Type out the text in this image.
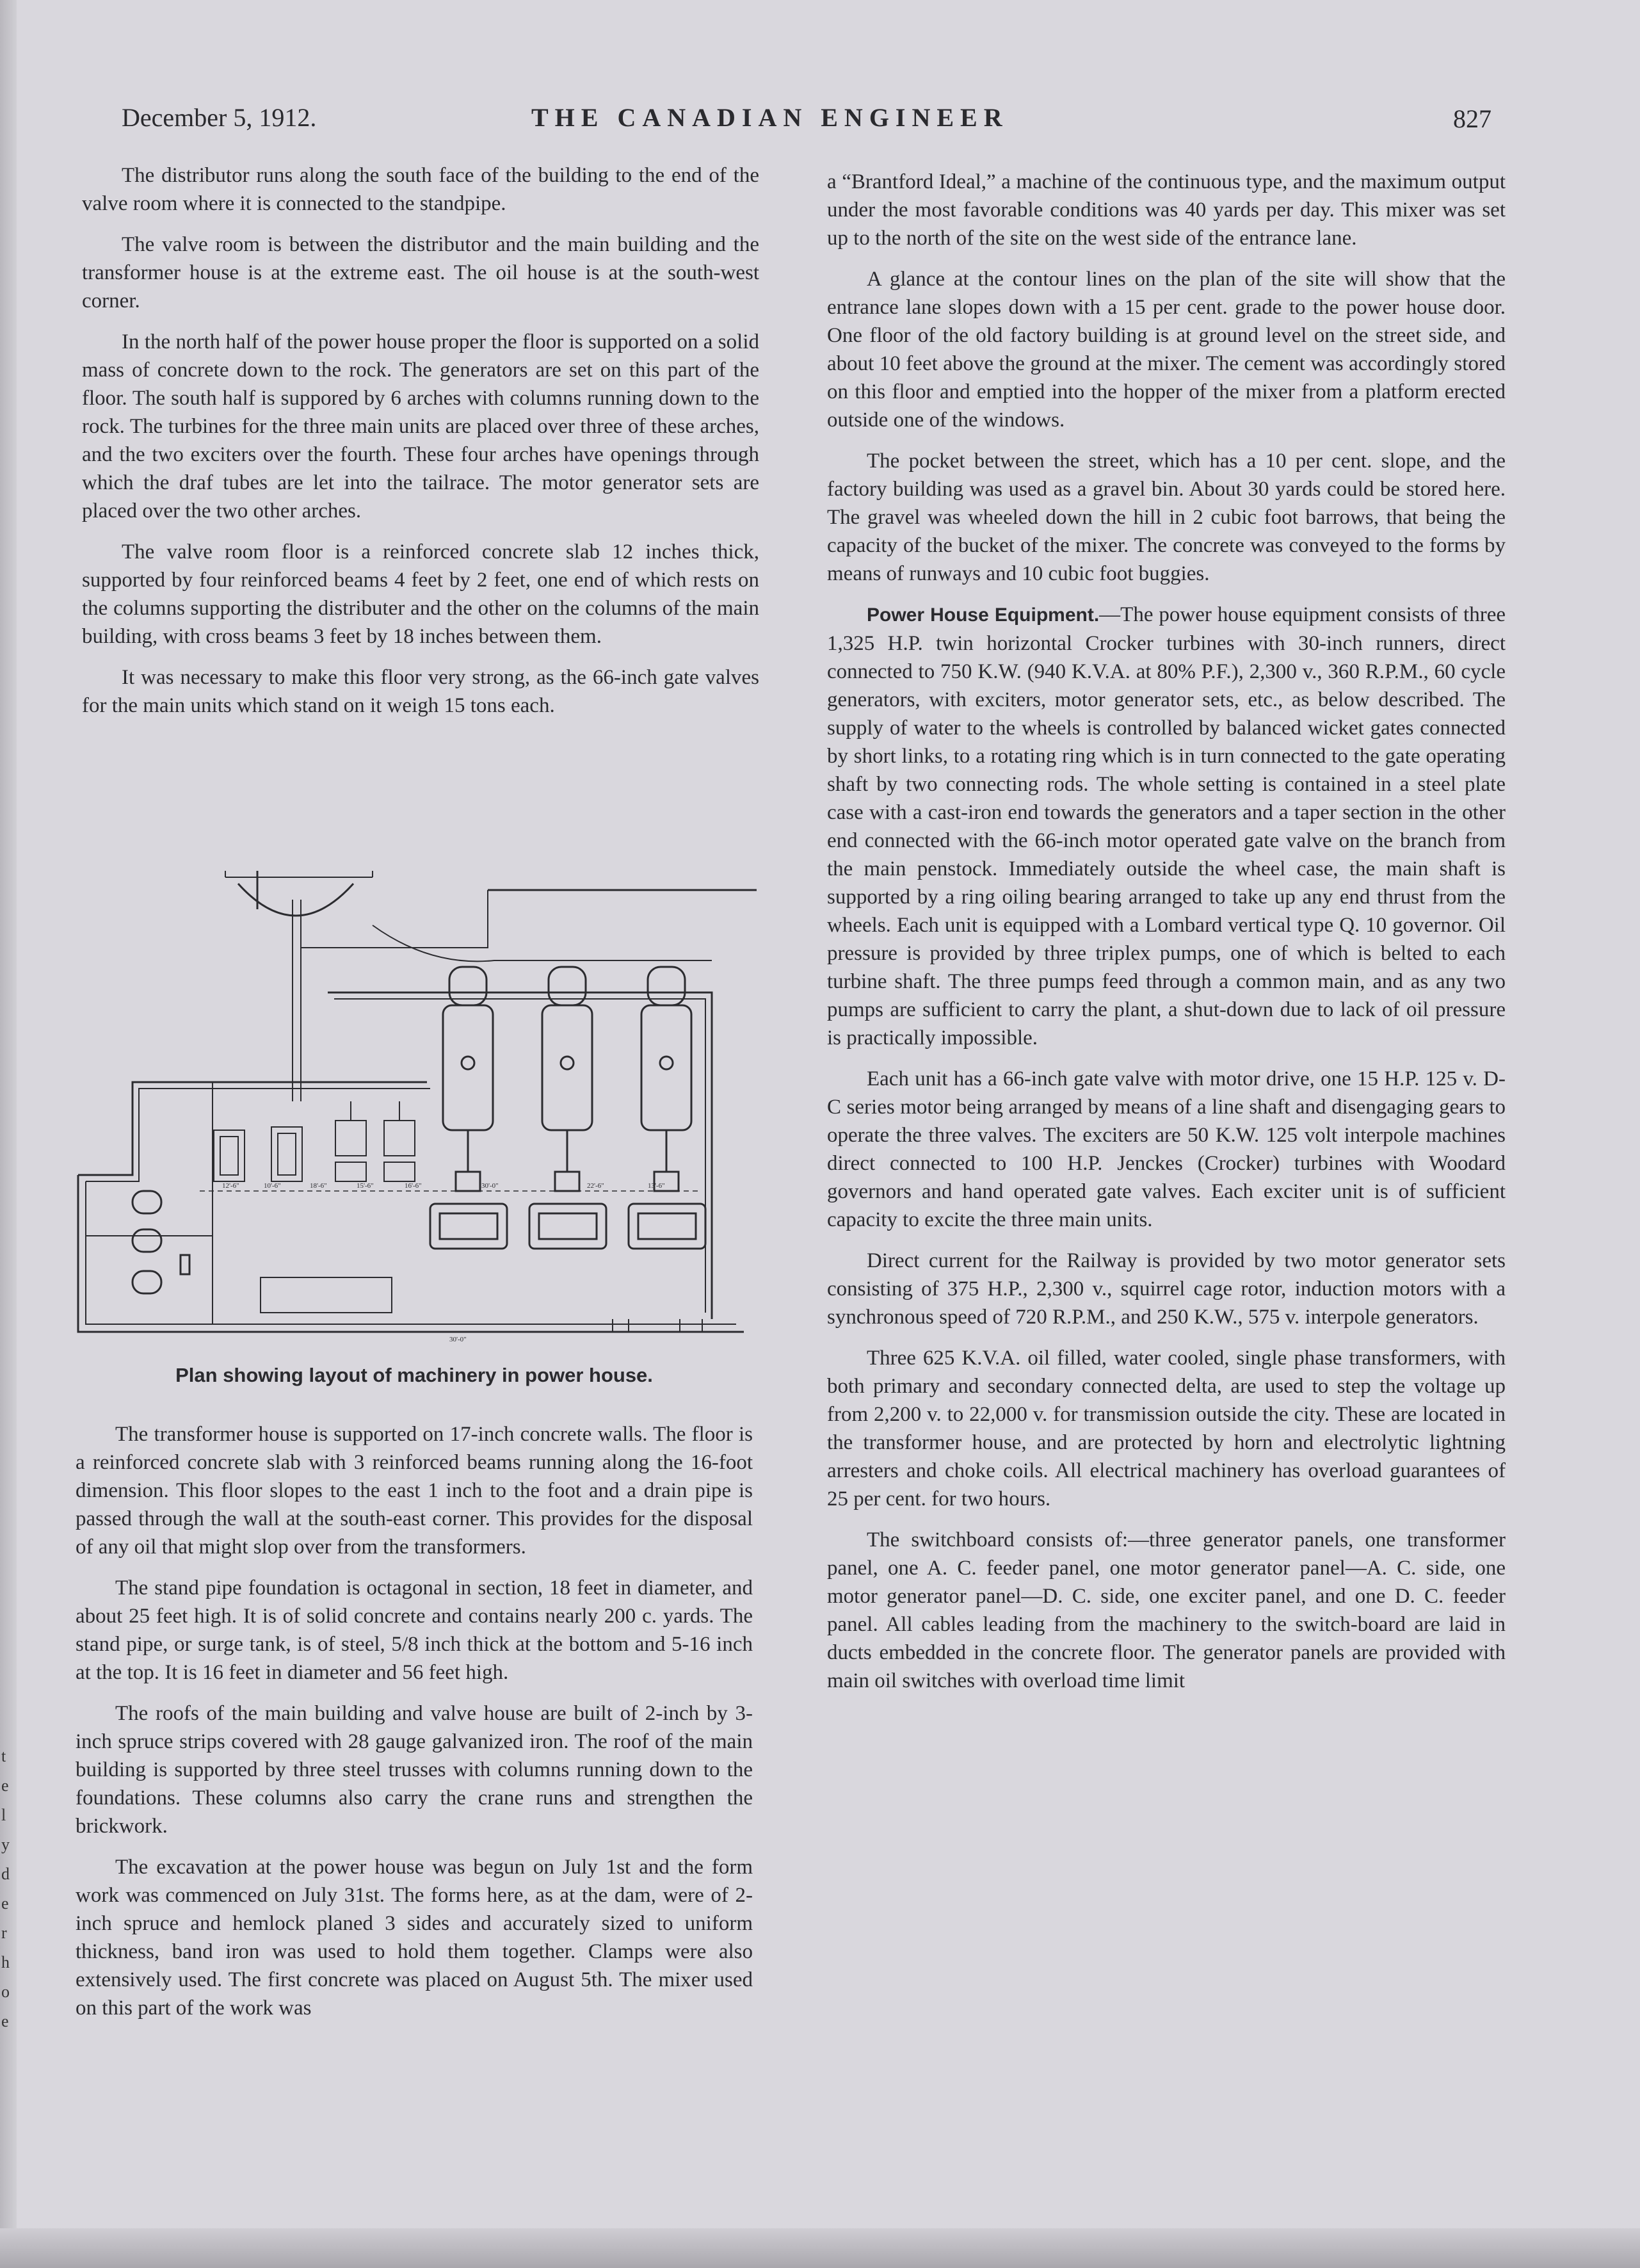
t
e
l
y
d
e
r
h
o
e
December 5, 1912.	THE CANADIAN ENGINEER	827

The distributor runs along the south face of the building to the end of the valve room where it is connected to the standpipe.

The valve room is between the distributor and the main building and the transformer house is at the extreme east. The oil house is at the south-west corner.

In the north half of the power house proper the floor is supported on a solid mass of concrete down to the rock. The generators are set on this part of the floor. The south half is suppored by 6 arches with columns running down to the rock. The turbines for the three main units are placed over three of these arches, and the two exciters over the fourth. These four arches have openings through which the draf tubes are let into the tailrace. The motor generator sets are placed over the two other arches.

The valve room floor is a reinforced concrete slab 12 inches thick, supported by four reinforced beams 4 feet by 2 feet, one end of which rests on the columns supporting the distributer and the other on the columns of the main building, with cross beams 3 feet by 18 inches between them.

It was necessary to make this floor very strong, as the 66-inch gate valves for the main units which stand on it weigh 15 tons each.

12'-6"	10'-6"	18'-6"	15'-6"	16'-6"	30'-0"	22'-6"	13'-6"
30'-0"
Plan showing layout of machinery in power house.

The transformer house is supported on 17-inch concrete walls. The floor is a reinforced concrete slab with 3 reinforced beams running along the 16-foot dimension. This floor slopes to the east 1 inch to the foot and a drain pipe is passed through the wall at the south-east corner. This provides for the disposal of any oil that might slop over from the transformers.

The stand pipe foundation is octagonal in section, 18 feet in diameter, and about 25 feet high. It is of solid concrete and contains nearly 200 c. yards. The stand pipe, or surge tank, is of steel, 5/8 inch thick at the bottom and 5-16 inch at the top. It is 16 feet in diameter and 56 feet high.

The roofs of the main building and valve house are built of 2-inch by 3-inch spruce strips covered with 28 gauge galvanized iron. The roof of the main building is supported by three steel trusses with columns running down to the foundations. These columns also carry the crane runs and strengthen the brickwork.

The excavation at the power house was begun on July 1st and the form work was commenced on July 31st. The forms here, as at the dam, were of 2-inch spruce and hemlock planed 3 sides and accurately sized to uniform thickness, band iron was used to hold them together. Clamps were also extensively used. The first concrete was placed on August 5th. The mixer used on this part of the work was

a “Brantford Ideal,” a machine of the continuous type, and the maximum output under the most favorable conditions was 40 yards per day. This mixer was set up to the north of the site on the west side of the entrance lane.

A glance at the contour lines on the plan of the site will show that the entrance lane slopes down with a 15 per cent. grade to the power house door. One floor of the old factory building is at ground level on the street side, and about 10 feet above the ground at the mixer. The cement was accordingly stored on this floor and emptied into the hopper of the mixer from a platform erected outside one of the windows.

The pocket between the street, which has a 10 per cent. slope, and the factory building was used as a gravel bin. About 30 yards could be stored here. The gravel was wheeled down the hill in 2 cubic foot barrows, that being the capacity of the bucket of the mixer. The concrete was conveyed to the forms by means of runways and 10 cubic foot buggies.

Power House Equipment.—The power house equipment consists of three 1,325 H.P. twin horizontal Crocker turbines with 30-inch runners, direct connected to 750 K.W. (940 K.V.A. at 80% P.F.), 2,300 v., 360 R.P.M., 60 cycle generators, with exciters, motor generator sets, etc., as below described. The supply of water to the wheels is controlled by balanced wicket gates connected by short links, to a rotating ring which is in turn connected to the gate operating shaft by two connecting rods. The whole setting is contained in a steel plate case with a cast-iron end towards the generators and a taper section in the other end connected with the 66-inch motor operated gate valve on the branch from the main penstock. Immediately outside the wheel case, the main shaft is supported by a ring oiling bearing arranged to take up any end thrust from the wheels. Each unit is equipped with a Lombard vertical type Q. 10 governor. Oil pressure is provided by three triplex pumps, one of which is belted to each turbine shaft. The three pumps feed through a common main, and as any two pumps are sufficient to carry the plant, a shut-down due to lack of oil pressure is practically impossible.

Each unit has a 66-inch gate valve with motor drive, one 15 H.P. 125 v. D-C series motor being arranged by means of a line shaft and disengaging gears to operate the three valves. The exciters are 50 K.W. 125 volt interpole machines direct connected to 100 H.P. Jenckes (Crocker) turbines with Woodard governors and hand operated gate valves. Each exciter unit is of sufficient capacity to excite the three main units.

Direct current for the Railway is provided by two motor generator sets consisting of 375 H.P., 2,300 v., squirrel cage rotor, induction motors with a synchronous speed of 720 R.P.M., and 250 K.W., 575 v. interpole generators.

Three 625 K.V.A. oil filled, water cooled, single phase transformers, with both primary and secondary connected delta, are used to step the voltage up from 2,200 v. to 22,000 v. for transmission outside the city. These are located in the transformer house, and are protected by horn and electrolytic lightning arresters and choke coils. All electrical machinery has overload guarantees of 25 per cent. for two hours.

The switchboard consists of:—three generator panels, one transformer panel, one A. C. feeder panel, one motor generator panel—A. C. side, one motor generator panel—D. C. side, one exciter panel, and one D. C. feeder panel. All cables leading from the machinery to the switch-board are laid in ducts embedded in the concrete floor. The generator panels are provided with main oil switches with overload time limit
